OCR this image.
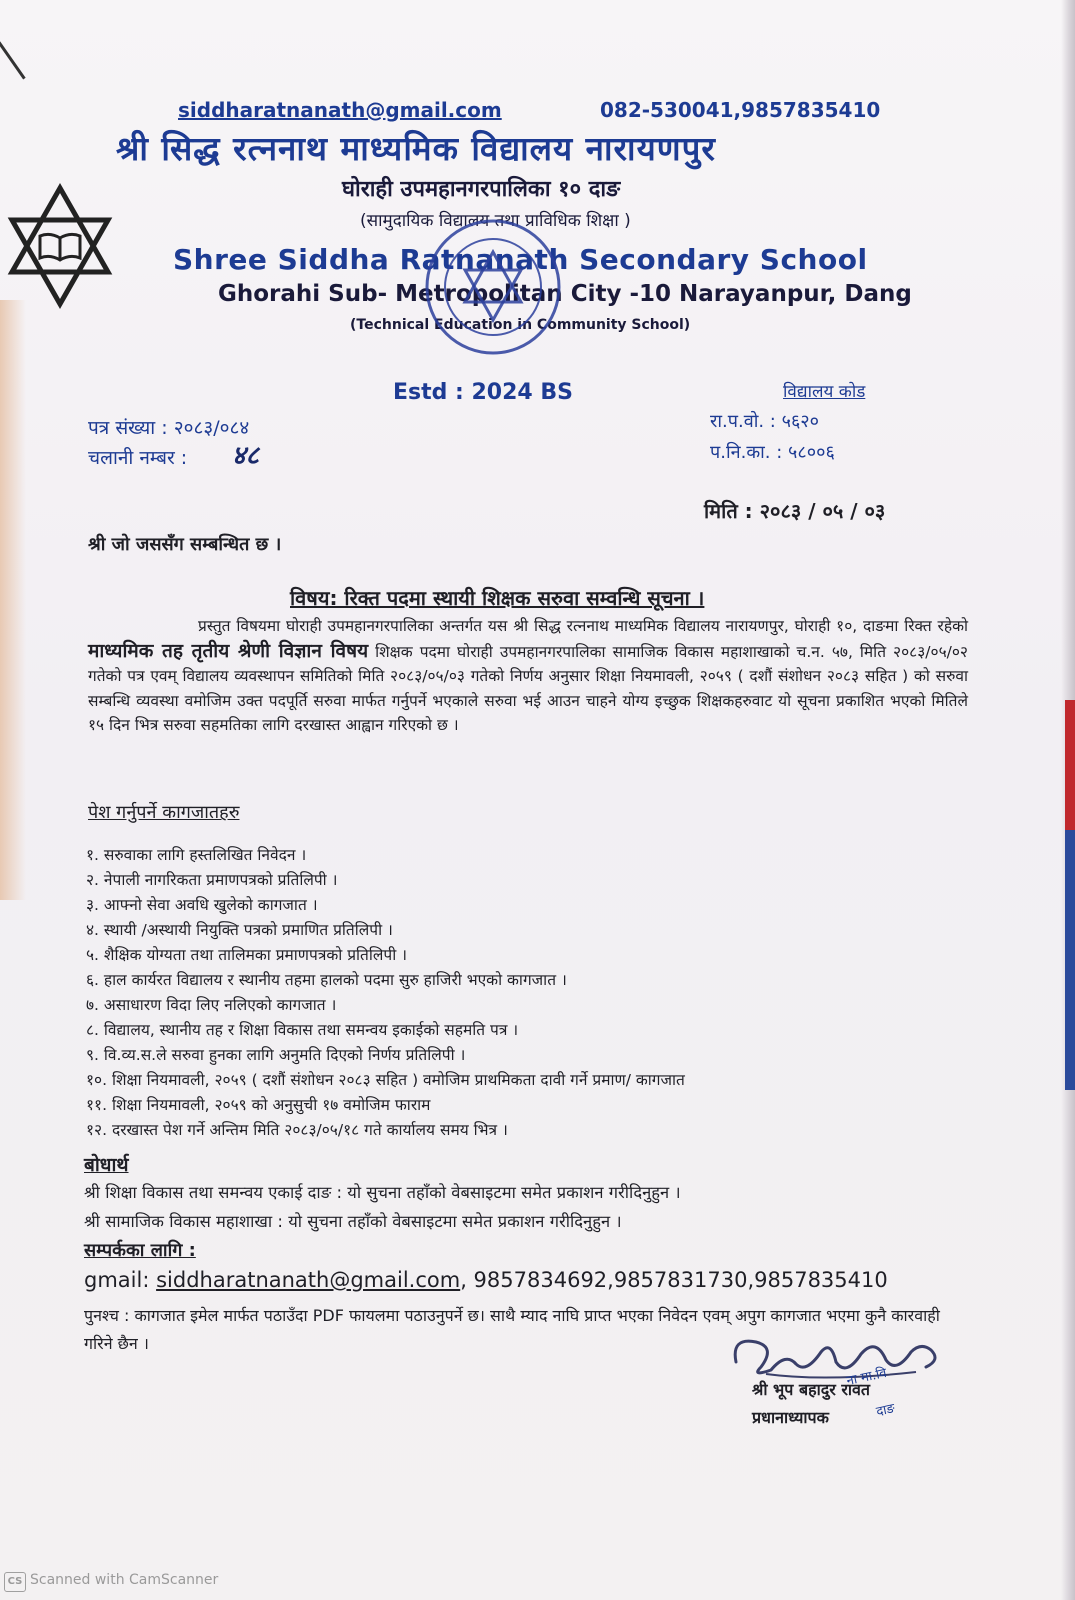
siddharatnanath@gmail.com	082-530041,9857835410
श्री सिद्ध रत्ननाथ माध्यमिक विद्यालय नारायणपुर
घोराही उपमहानगरपालिका १० दाङ
(सामुदायिक विद्यालय तथा प्राविधिक शिक्षा )
Shree Siddha Ratnanath Secondary School
Ghorahi Sub- Metropolitan City -10 Narayanpur, Dang
(Technical Education in Community School)
Estd : 2024 BS	विद्यालय कोड
रा.प.वो. : ५६२०
प.नि.का. : ५८००६
पत्र संख्या : २०८३/०८४
चलानी नम्बर : ४८
मिति : २०८३ / ०५ / ०३
श्री जो जससँग सम्बन्धित छ ।
विषय: रिक्त पदमा स्थायी शिक्षक सरुवा सम्वन्धि सूचना ।
प्रस्तुत विषयमा घोराही उपमहानगरपालिका अन्तर्गत यस श्री सिद्ध रत्ननाथ माध्यमिक विद्यालय नारायणपुर, घोराही १०, दाङमा रिक्त रहेको माध्यमिक तह तृतीय श्रेणी विज्ञान विषय शिक्षक पदमा घोराही उपमहानगरपालिका सामाजिक विकास महाशाखाको च.न. ५७, मिति २०८३/०५/०२ गतेको पत्र एवम् विद्यालय व्यवस्थापन समितिको मिति २०८३/०५/०३ गतेको निर्णय अनुसार शिक्षा नियमावली, २०५९ ( दशौं संशोधन २०८३ सहित ) को सरुवा सम्बन्धि व्यवस्था वमोजिम उक्त पदपूर्ति सरुवा मार्फत गर्नुपर्ने भएकाले सरुवा भई आउन चाहने योग्य इच्छुक शिक्षकहरुवाट यो सूचना प्रकाशित भएको मितिले १५ दिन भित्र सरुवा सहमतिका लागि दरखास्त आह्वान गरिएको छ ।
पेश गर्नुपर्ने कागजातहरु
१. सरुवाका लागि हस्तलिखित निवेदन ।
२. नेपाली नागरिकता प्रमाणपत्रको प्रतिलिपी ।
३. आफ्नो सेवा अवधि खुलेको कागजात ।
४. स्थायी /अस्थायी नियुक्ति पत्रको प्रमाणित प्रतिलिपी ।
५. शैक्षिक योग्यता तथा तालिमका प्रमाणपत्रको प्रतिलिपी ।
६. हाल कार्यरत विद्यालय र स्थानीय तहमा हालको पदमा सुरु हाजिरी भएको कागजात ।
७. असाधारण विदा लिए नलिएको कागजात ।
८. विद्यालय, स्थानीय तह र शिक्षा विकास तथा समन्वय इकाईको सहमति पत्र ।
९. वि.व्य.स.ले सरुवा हुनका लागि अनुमति दिएको निर्णय प्रतिलिपी ।
१०. शिक्षा नियमावली, २०५९ ( दशौं संशोधन २०८३ सहित ) वमोजिम प्राथमिकता दावी गर्ने प्रमाण/ कागजात
११. शिक्षा नियमावली, २०५९ को अनुसुची १७ वमोजिम फाराम
१२. दरखास्त पेश गर्ने अन्तिम मिति २०८३/०५/१८ गते कार्यालय समय भित्र ।
बोधार्थ
श्री शिक्षा विकास तथा समन्वय एकाई दाङ : यो सुचना तहाँको वेबसाइटमा समेत प्रकाशन गरीदिनुहुन ।
श्री सामाजिक विकास महाशाखा : यो सुचना तहाँको वेबसाइटमा समेत प्रकाशन गरीदिनुहुन ।
सम्पर्कका लागि :
gmail: siddharatnanath@gmail.com, 9857834692,9857831730,9857835410
पुनश्च : कागजात इमेल मार्फत पठाउँदा PDF फायलमा पठाउनुपर्ने छ। साथै म्याद नाघि प्राप्त भएका निवेदन एवम् अपुग कागजात भएमा कुनै कारवाही गरिने छैन ।
ना मा.वि
दाङ
श्री भूप बहादुर रावत
प्रधानाध्यापक
CS Scanned with CamScanner
